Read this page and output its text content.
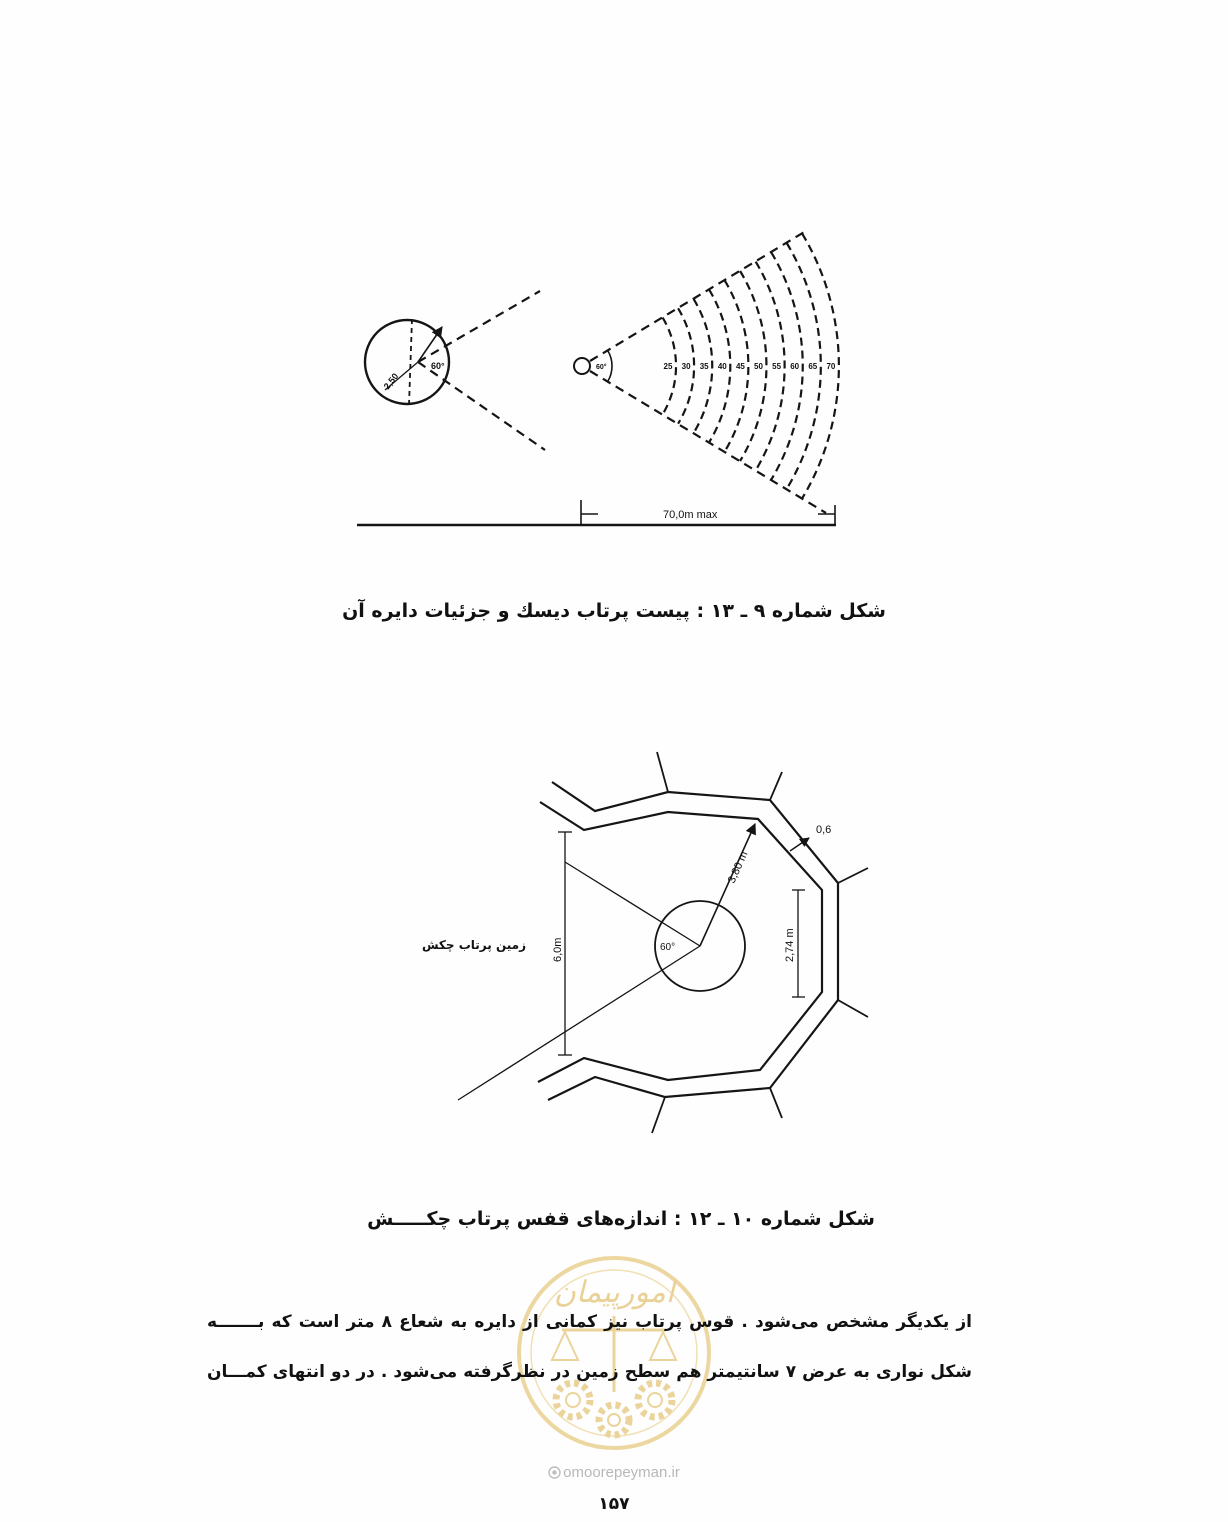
2,50
60°	60°	25 30 35 40 45 50 55 60 65 70
70,0m max
60°
3,80 m
6,0m	2,74 m
0,6
امورپیمان
شکل شماره ۹ ـ ۱۳ : پیست پرتاب دیسك و جزئیات دایره آن
شکل شماره ۱۰ ـ ۱۲ : اندازه‌های قفس پرتاب چکـــــش
زمین پرتاب چکش
از یکدیگر مشخص می‌شود . قوس پرتاب نیز کمانی از دایره به شعاع ۸ متر است که بـــــــه
شکل نواری به عرض ۷ سانتیمتر هم سطح زمین در نظرگرفته می‌شود . در دو انتهای کمـــان
omoorepeyman.ir
۱۵۷
